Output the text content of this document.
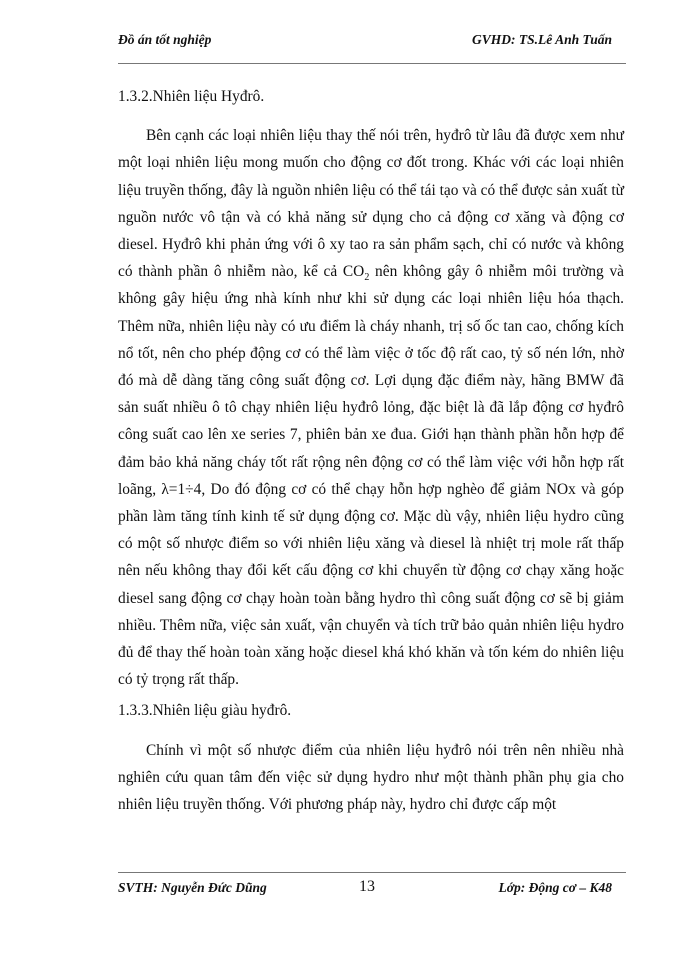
Đồ án tốt nghiệp	GVHD: TS.Lê Anh Tuấn

1.3.2.Nhiên liệu Hyđrô.

Bên cạnh các loại nhiên liệu thay thế nói trên, hyđrô từ lâu đã được xem như một loại nhiên liệu mong muốn cho động cơ đốt trong. Khác với các loại nhiên liệu truyền thống, đây là nguồn nhiên liệu có thể tái tạo và có thể được sản xuất từ nguồn nước vô tận và có khả năng sử dụng cho cả động cơ xăng và động cơ diesel. Hyđrô khi phản ứng với ô xy tao ra sản phẩm sạch, chỉ có nước và không có thành phần ô nhiễm nào, kể cả $CO_2$ nên không gây ô nhiễm môi trường và không gây hiệu ứng nhà kính như khi sử dụng các loại nhiên liệu hóa thạch. Thêm nữa, nhiên liệu này có ưu điểm là cháy nhanh, trị số ốc tan cao, chống kích nổ tốt, nên cho phép động cơ có thể làm việc ở tốc độ rất cao, tỷ số nén lớn, nhờ đó mà dễ dàng tăng công suất động cơ. Lợi dụng đặc điểm này, hãng BMW đã sản suất nhiều ô tô chạy nhiên liệu hyđrô lỏng, đặc biệt là đã lắp động cơ hyđrô công suất cao lên xe series 7, phiên bản xe đua. Giới hạn thành phần hỗn hợp để đảm bảo khả năng cháy tốt rất rộng nên động cơ có thể làm việc với hỗn hợp rất loãng, λ=1÷4, Do đó động cơ có thể chạy hỗn hợp nghèo để giảm NOx và góp phần làm tăng tính kinh tế sử dụng động cơ. Mặc dù vậy, nhiên liệu hydro cũng có một số nhược điểm so với nhiên liệu xăng và diesel là nhiệt trị mole rất thấp nên nếu không thay đổi kết cấu động cơ khi chuyển từ động cơ chạy xăng hoặc diesel sang động cơ chạy hoàn toàn bằng hydro thì công suất động cơ sẽ bị giảm nhiều. Thêm nữa, việc sản xuất, vận chuyển và tích trữ bảo quản nhiên liệu hydro đủ để thay thế hoàn toàn xăng hoặc diesel khá khó khăn và tốn kém do nhiên liệu có tỷ trọng rất thấp.

1.3.3.Nhiên liệu giàu hyđrô.

Chính vì một số nhược điểm của nhiên liệu hyđrô nói trên nên nhiều nhà nghiên cứu quan tâm đến việc sử dụng hydro như một thành phần phụ gia cho nhiên liệu truyền thống. Với phương pháp này, hydro chỉ được cấp một

SVTH: Nguyễn Đức Dũng	13	Lớp: Động cơ – K48
